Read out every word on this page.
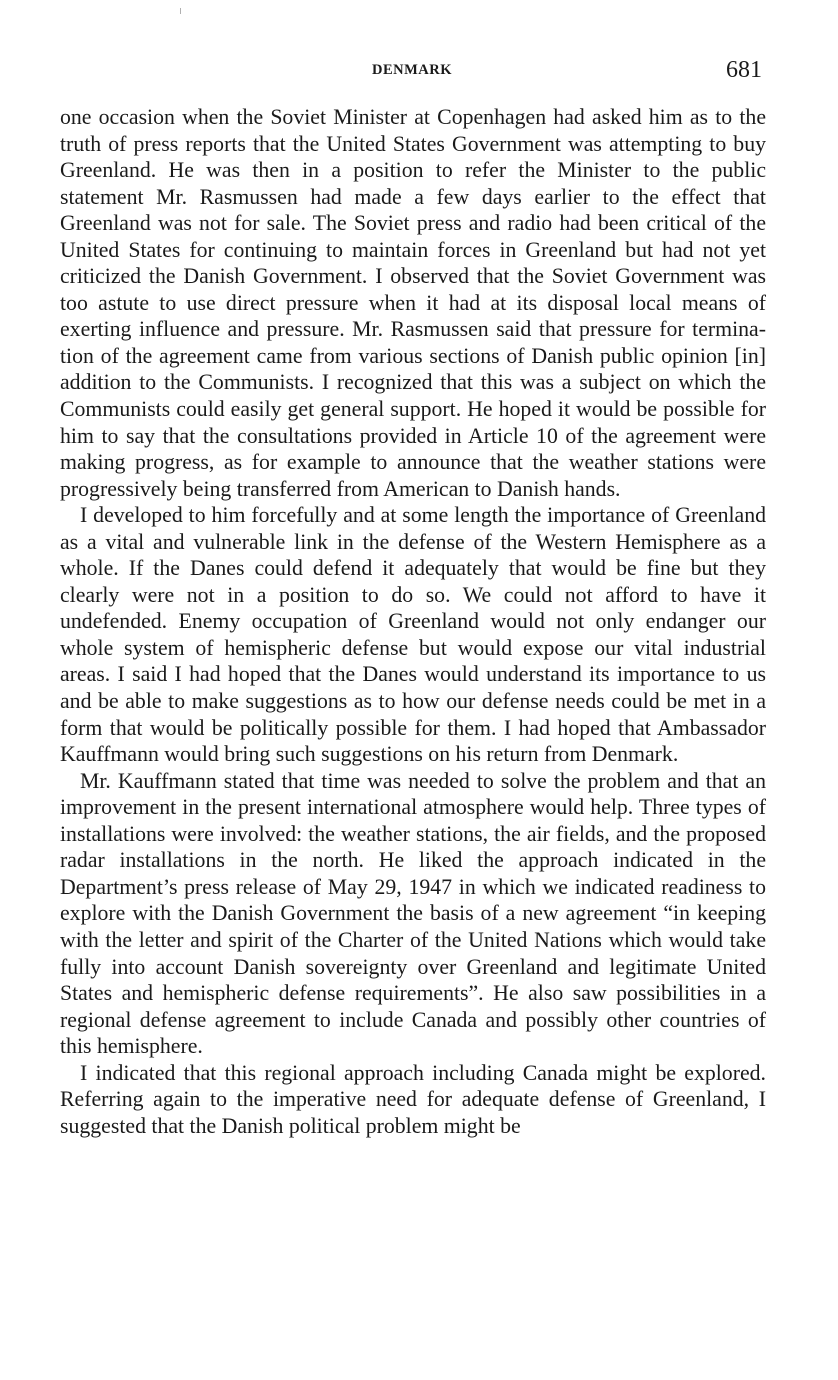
DENMARK	681

one occasion when the Soviet Minister at Copenhagen had asked him as to the truth of press reports that the United States Government was attempting to buy Greenland. He was then in a position to refer the Minister to the public statement Mr. Rasmussen had made a few days earlier to the effect that Greenland was not for sale. The Soviet press and radio had been critical of the United States for continuing to maintain forces in Greenland but had not yet criticized the Danish Government. I observed that the Soviet Government was too astute to use direct pressure when it had at its disposal local means of exerting influence and pressure. Mr. Rasmussen said that pressure for termination of the agreement came from various sections of Danish public opinion [in] addition to the Communists. I recognized that this was a subject on which the Communists could easily get general support. He hoped it would be possible for him to say that the consultations provided in Article 10 of the agreement were making progress, as for example to announce that the weather stations were progressively being transferred from American to Danish hands.

I developed to him forcefully and at some length the importance of Greenland as a vital and vulnerable link in the defense of the Western Hemisphere as a whole. If the Danes could defend it adequately that would be fine but they clearly were not in a position to do so. We could not afford to have it undefended. Enemy occupation of Greenland would not only endanger our whole system of hemispheric defense but would expose our vital industrial areas. I said I had hoped that the Danes would understand its importance to us and be able to make suggestions as to how our defense needs could be met in a form that would be politically possible for them. I had hoped that Ambassador Kauffmann would bring such suggestions on his return from Denmark.

Mr. Kauffmann stated that time was needed to solve the problem and that an improvement in the present international atmosphere would help. Three types of installations were involved: the weather stations, the air fields, and the proposed radar installations in the north. He liked the approach indicated in the Department’s press release of May 29, 1947 in which we indicated readiness to explore with the Danish Government the basis of a new agreement “in keeping with the letter and spirit of the Charter of the United Nations which would take fully into account Danish sovereignty over Greenland and legitimate United States and hemispheric defense requirements”. He also saw possibilities in a regional defense agreement to include Canada and possibly other countries of this hemisphere.

I indicated that this regional approach including Canada might be explored. Referring again to the imperative need for adequate defense of Greenland, I suggested that the Danish political problem might be
